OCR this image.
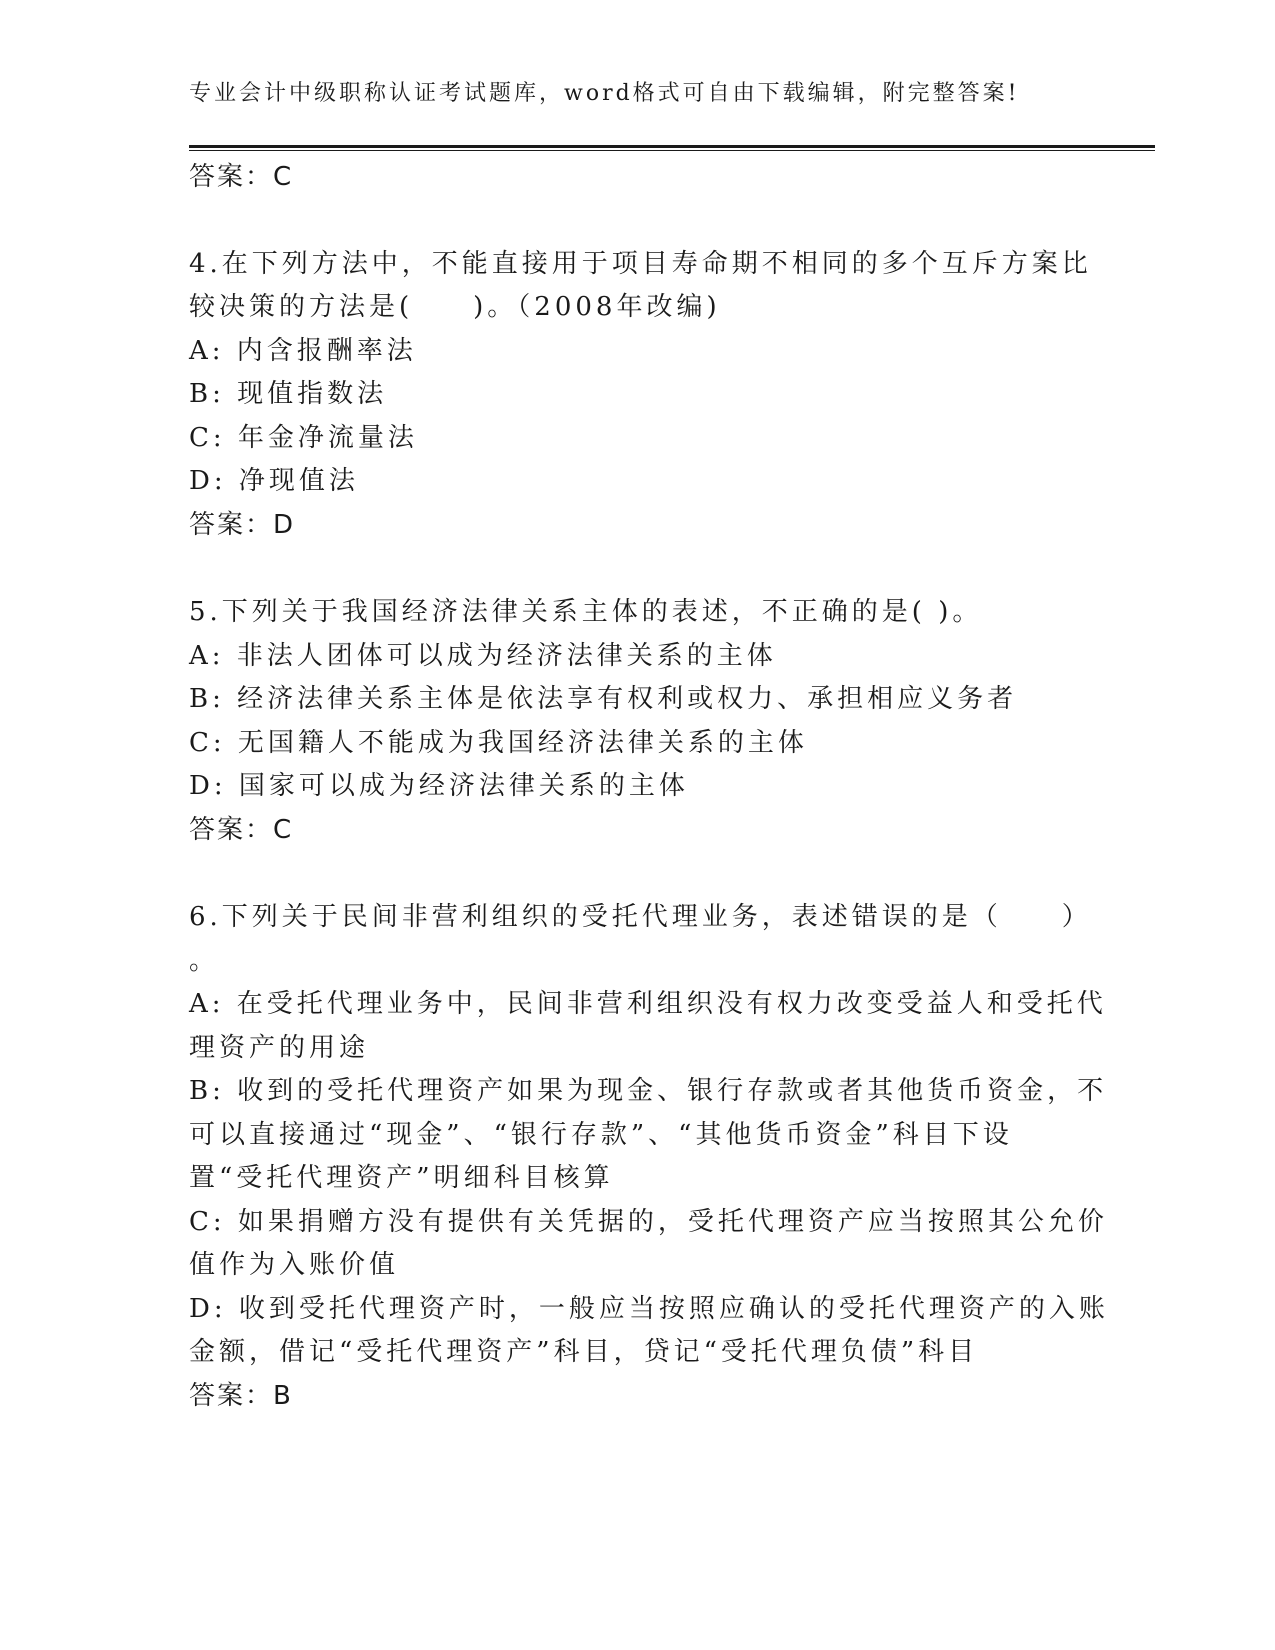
专业会计中级职称认证考试题库，word格式可自由下载编辑，附完整答案!
答案：C
4.在下列方法中，不能直接用于项目寿命期不相同的多个互斥方案比
较决策的方法是(　　)。（2008年改编)
A: 内含报酬率法
B: 现值指数法
C: 年金净流量法
D: 净现值法
答案：D
5.下列关于我国经济法律关系主体的表述，不正确的是( )。
A: 非法人团体可以成为经济法律关系的主体
B: 经济法律关系主体是依法享有权利或权力、承担相应义务者
C: 无国籍人不能成为我国经济法律关系的主体
D: 国家可以成为经济法律关系的主体
答案：C
6.下列关于民间非营利组织的受托代理业务，表述错误的是（　　）
。
A: 在受托代理业务中，民间非营利组织没有权力改变受益人和受托代
理资产的用途
B: 收到的受托代理资产如果为现金、银行存款或者其他货币资金，不
可以直接通过“现金”、“银行存款”、“其他货币资金”科目下设
置“受托代理资产”明细科目核算
C: 如果捐赠方没有提供有关凭据的，受托代理资产应当按照其公允价
值作为入账价值
D: 收到受托代理资产时，一般应当按照应确认的受托代理资产的入账
金额，借记“受托代理资产”科目，贷记“受托代理负债”科目
答案：B
